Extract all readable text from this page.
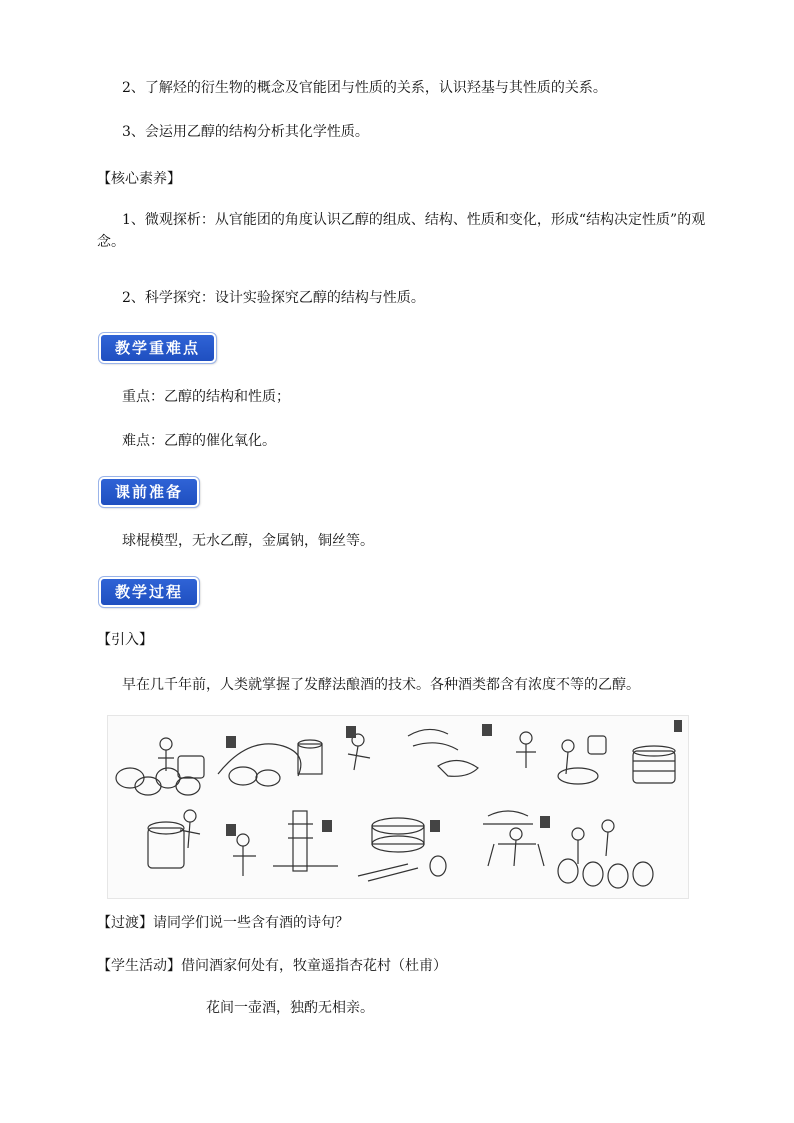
2、了解烃的衍生物的概念及官能团与性质的关系，认识羟基与其性质的关系。
3、会运用乙醇的结构分析其化学性质。
【核心素养】
1、微观探析：从官能团的角度认识乙醇的组成、结构、性质和变化，形成“结构决定性质”的观念。
2、科学探究：设计实验探究乙醇的结构与性质。
教学重难点
重点：乙醇的结构和性质；
难点：乙醇的催化氧化。
课前准备
球棍模型，无水乙醇，金属钠，铜丝等。
教学过程
【引入】
早在几千年前，人类就掌握了发酵法酿酒的技术。各种酒类都含有浓度不等的乙醇。
【过渡】请同学们说一些含有酒的诗句？
【学生活动】借问酒家何处有，牧童遥指杏花村（杜甫）
花间一壶酒，独酌无相亲。
